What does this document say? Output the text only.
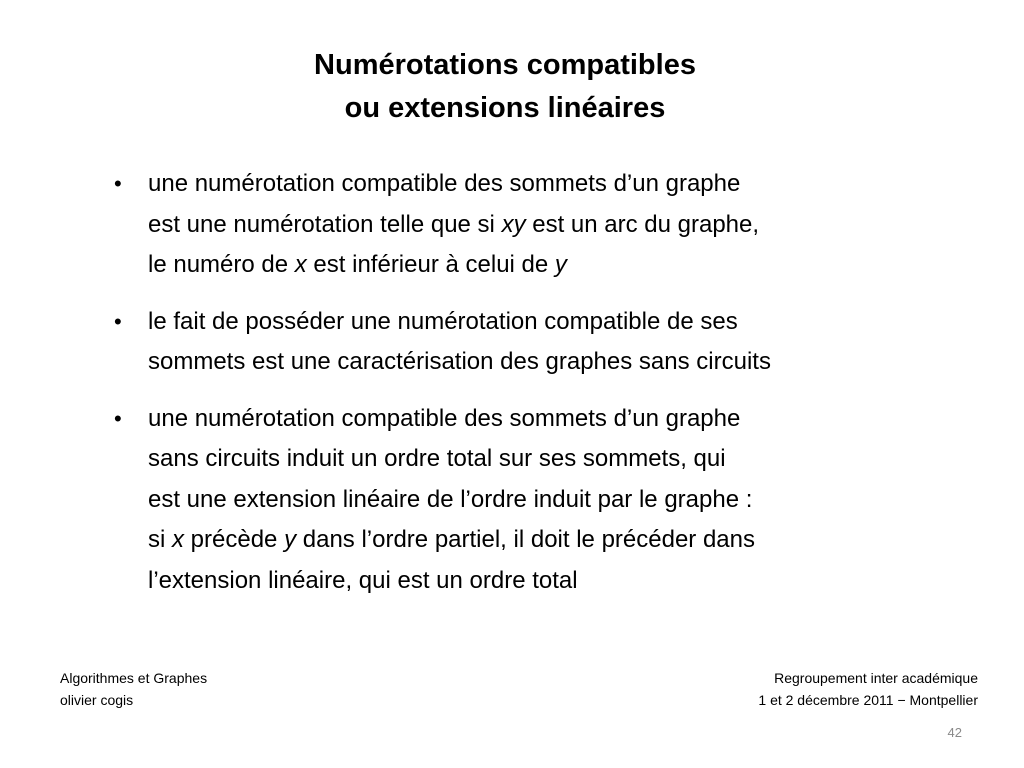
Numérotations compatibles
ou extensions linéaires
• une numérotation compatible des sommets d’un graphe
est une numérotation telle que si xy est un arc du graphe,
le numéro de x est inférieur à celui de y
• le fait de posséder une numérotation compatible de ses
sommets est une caractérisation des graphes sans circuits
• une numérotation compatible des sommets d’un graphe
sans circuits induit un ordre total sur ses sommets, qui
est une extension linéaire de l’ordre induit par le graphe :
si x précède y dans l’ordre partiel, il doit le précéder dans
l’extension linéaire, qui est un ordre total
Algorithmes et Graphes
olivier cogis
Regroupement inter académique
1 et 2 décembre 2011 − Montpellier
42
